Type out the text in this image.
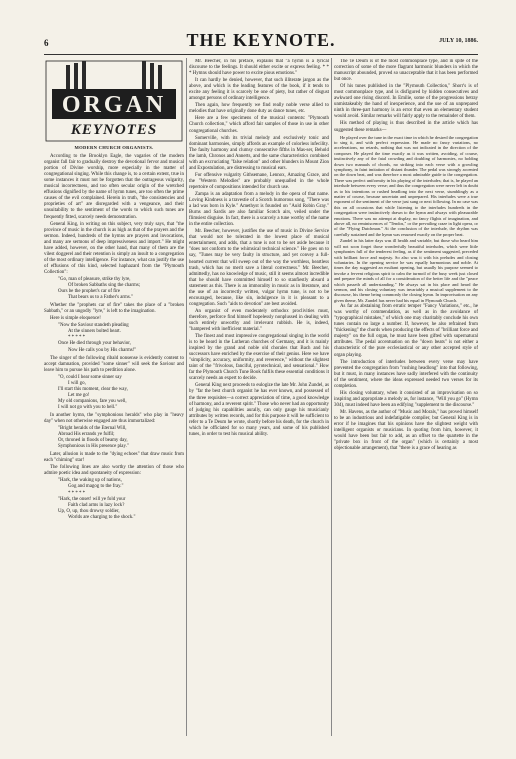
6	THE KEYNOTE.	JULY 10, 1886.
ORGAN
KEYNOTES
MODERN CHURCH ORGANISTS.

According to the Brooklyn Eagle, the vagaries of the modern organist fall fair to gradually destroy the devotional fervor and musical portion of Divine worship, more especially in the matter of congregational singing. While this change is, to a certain extent, true in some instances it must not be forgotten that the outrageous vulgarity, musical incorrectness, and too often secular origin of the wretched effusions dignified by the name of hymn tunes, are too often the prime causes of the evil complained. Herein in truth, "the consistencies and proprieties of art" are disregarded with a vengeance, and their unsuitability to the sentiment of the words to which such tunes are frequently fitted, scarcely needs demonstration.

General King, in writing on this subject, very truly says, that "the province of music in the church is as high as that of the prayers and the sermon. Indeed, hundreds of the hymns are prayers and invocations, and many are sermons of deep impressiveness and import." He might have added, however, on the other hand, that many of them are the vilest doggerel and their retention is simply an insult to a congregation of the most ordinary intelligence. For instance, what can justify the use of effusions of this kind, selected haphazard from the "Plymouth Collection":

"Go, man of pleasure, strike thy lyre,
Of broken Sabbaths sing the charms;
Ours be the prophet's car of fire
That bears us to a Father's arms."

Whether the "prophets car of fire" takes the place of a "broken Sabbath," or an ungodly "lyre," is left to the imagination.

Here is simple eloquence!

"Now the Saviour standeth pleading
At the sinners bolted heart.
* * * * *
Once He died through your behavior,
Now He calls you by His charms!"

The singer of the following ribald nonsense is evidently content to accept damnation, provided "some sinner" will seek the Saviour and leave him to pursue his path to perdition alone.

"O, could I hear some sinner say
I will go,
I'll start this moment, clear the way,
Let me go!
My old companions, fare you well,
I will not go with you to hell."

In another hymn, the "symphonious heralds" who play in "heavy day" when not otherwise engaged are thus immortalized:

"Bright heralds of the Eternal Will,
Abroad His errands ye fulfil;
Or, throned in floods of beamy day,
Symphonious in His presence play."

Later, allusion is made to the "dying echoes" that draw music from each "chiming" star!

The following lines are also worthy the attention of those who admire poetic idea and spontaneity of expression:

"Hark, the waking up of nations,
Gog and magog to the fray."
* * * * *
"Hark, the onset! will ye fold your
Faith clad arms in lazy lock?
Up, O, up, thou drowsy soldier,
Worlds are charging to the shock."

Mr. Beecher, in his preface, explains that "a hymn is a lyrical discourse to the feelings. It should either excite or express feeling. * * * Hymns should have power to excite pious emotions."

It can hardly be denied, however, that such illiterate jargon as the above, and which is the leading features of the book, if it tends to excite any feeling it is scarcely be one of piety, but rather of disgust amongst persons of ordinary intelligence.

Then again, how frequently we find really noble verse allied to melodies that have originally done duty as dance tunes, etc.

Here are a few specimens of the musical contents: "Plymouth Church collection," which afford fair samples of those in use in other congregational churches.

Somerville, with its trivial melody and exclusively tonic and dominant harmonies, simply affords an example of colorless infecility. The faulty harmony and clumsy consecutive fifths in Mas-ser, Behold the lamb, Chronos and Annerts, and the same characteristics combined with an excruciating "false relation" and other blunders in Mount Zion and Expostulation, are distressing to musical ears.

For offensive vulgarity Githsemane, Lennox, Amazing Grace, and the "Western Melodies" are probably unequalled in the whole repertoire of compositions intended for church use.

Zampa is an adaptation from a melody in the opera of that name. Loving Kindness is a travestie of a Scotch humorous song, "There was a lad was born in Kyle." Amethyst is founded on "Auld Robin Gray." Burns and Sardis are also familiar Scotch airs, veiled under the flimsiest disguise. In fact, there is a scarcely a tune worthy of the name in the entire collection.

Mr. Beecher, however, justifies the use of music in Divine Service that would not be tolerated in the lowest place of musical entertainment, and adds, that a tune is not to be set aside because it "does not conform to the whimsical technical science." He goes on to say, "Tunes may be very faulty in structure, and yet convey a full-hearted current that will sweep out of the way the worthless, heartless trash, which has no merit save a literal correctness." Mr. Beecher, admittedly, has no knowledge of music, still it seems almost incredible that he should have committed himself to so stanfiestly absurd a statement as this. There is an immorality in music as in literature, and the use of an incorrectly written, vulgar hymn tune, is not to be encouraged, because, like sin, indulgence in it is pleasant to a congregation. Such "aids to devotion" are best avoided.

An organist of even moderately orthodox proclivities must, therefore, perforce find himself hopelessly nonplussed in dealing with such entirely unworthy and irrelevant rubbish. He is, indeed, "hampered with inefficient material."

The finest and most impressive congregational singing in the world is to be heard in the Lutheran churches of Germany, and it is mainly inspired by the grand and noble old chorales that Bach and his successors have enriched by the exercise of their genius. Here we have "simplicity, accuracy, uniformity, and reverence," without the slightest taint of the "frivolous, fanciful, pyrotechnical, and sensational." How far the Plymouth Church Tune Book fulfils these essential conditions it scarcely needs an expert to decide.

General King next proceeds to eulogize the late Mr. John Zundel, as by "far the best church organist he has ever known, and possessed of the three requisites—a correct appreciation of time, a good knowledge of harmony, and a reverent spirit." Those who never had an opportunity of judging his capabilities aurally, can only gauge his musicianly attributes by written records, and for this purpose it will be sufficient to refer to a Te Deum he wrote, shortly before his death, for the church in which he officiated for so many years, and some of his published tunes, in order to test his musical ability.

The Te Deum is of the most commonplace type, and in spite of the correction of some of the more flagrant harmonic blunders in which the manuscript abounded, proved so unacceptable that it has been performed but once.

Of his tunes published in the "Plymouth Collection," Shorr's is of most commonplace type, and is disfigured by hidden consecutives and awkward one rising discord. In Emilie, some of the progressions betray unmistakeably the hand of inexperience, and the use of an unprepared ninth in three-part harmony is an error that even an elementary student would avoid. Similar remarks will fairly apply to the remainder of them.

His method of playing is thus described in the article which has suggested these remarks—

He played over the tune in the exact time in which he desired the congregation to sing it, and with perfect expression. He made no fancy variations, no accelerations, no retards, nothing that was not indicated in the direction of the composer. He played the time exactly as it was written, avoiding, of course, instinctively any of the fatal crowding and doubling of harmonies, no holding down two manuals of chords, no striking into each verse with a growling symphony, in faint imitation of distant thunder. The pedal was strongly accented on the down beat, and was therefore a most admirable guide to the congregation. There was perfect uniformity in his playing of the interludes; that is, he played an interlude between every verse; and thus the congregation were never left in doubt as to his intentions or rushed headlong into the next verse, stumblingly as a matter of course, because uncertain and unprepared. His interludes were a true exponent of the sentiment of the verse just sung or next following. In no case was this on all occasions that while listening to the interludes hundreds in the congregation were instinctively drawn to the hymn and always with pleasurable emotions. There was no attempt at display, no fancy flights of imagination, and above all, no reminiscences of "Tendos," or the prevailing craze in light opera, or of the "Flying Dutchman." At the conclusion of the interlude, the rhythm was carefully sustained and the hymn was resumed exactly on the proper beat.

Zundel in his latter days was ill health and variable, but those who heard him will not soon forget those wonderfully beautiful interludes, which were little symphonies full of the tenderest feeling, as if the sentiment suggested, preceded with brilliant force and majesty. So also was it with his preludes and closing voluntaries. In the opening service he was equally harmonious and noble. At times the day suggested an exultant opening, but usually his purpose seemed to invoke a fervent religious spirit to calm the turmoil of the busy week just closed and prepare the minds of all for a consideration of the better life and the "peace which passeth all understanding." He always sat in his place and heard the sermon, and his closing voluntary was invariably a musical supplement to the discourse, his theme being commonly the closing hymn. In improvisation on any given theme, Mr. Zundel has never had his equal in Plymouth Church.

As far as abstaining from erratic temper "Fancy Variations," etc., he was worthy of commendation, as well as in the avoidance of "typographical mistakes," of which one may charitably conclude his own tunes contain no large a number. If, however, he also refrained from "thickening" the chords when producing the effects of "brilliant force and majesty" on the full organ, he must have been gifted with supernatural attributes. The pedal accentuation on the "down beats" is not either a characteristic of the pure ecclesiastical or any other accepted style of organ playing.

The introduction of interludes between every verse may have prevented the congregation from "rushing headlong" into that following, but it must, in many instances have sadly interfered with the continuity of the sentiment, where the ideas expressed needed two verses for its completion.

His closing voluntary, when it consisted of an improvisation on so inspiring and appropriate a melody as, for instance, "Will you go" (Hymn 304), must indeed have been an edifying "supplement to the discourse."

Mr. Havens, as the author of "Music and Morals," has proved himself to be an industrious and indefatigable compiler, but General King is in error if he imagines that his opinions have the slightest weight with intelligent organists or musicians. In quoting from him, however, it would have been but fair to add, as an offset to the quartette in the "private box in front of the organ" (which is certainly a most objectionable arrangement), that "there is a grace of hearing as
